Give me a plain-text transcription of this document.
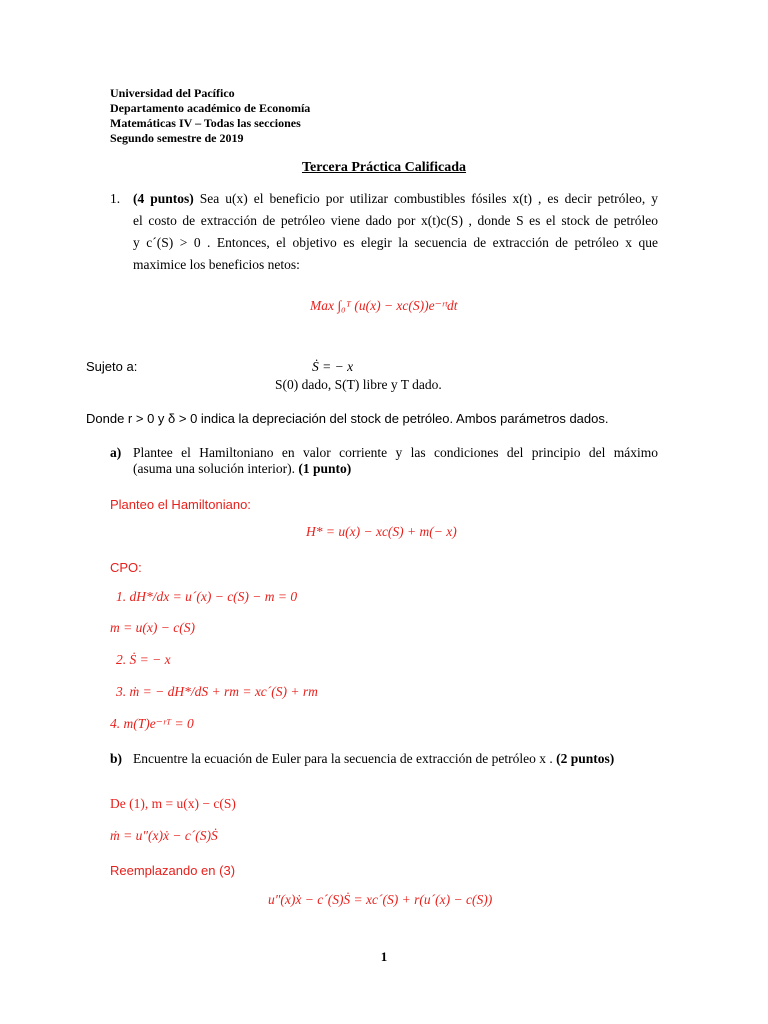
Universidad del Pacífico
Departamento académico de Economía
Matemáticas IV – Todas las secciones
Segundo semestre de 2019
Tercera Práctica Calificada
1. (4 puntos) Sea u(x) el beneficio por utilizar combustibles fósiles x(t) , es decir petróleo, y
el costo de extracción de petróleo viene dado por x(t)c(S) , donde S es el stock de petróleo
y c´(S) > 0 . Entonces, el objetivo es elegir la secuencia de extracción de petróleo x que
maximice los beneficios netos:
Max ∫₀ᵀ (u(x) − xc(S))e⁻ʳᵗdt
Sujeto a:	Ṡ = − x
S(0) dado, S(T) libre y T dado.
Donde r > 0 y δ > 0 indica la depreciación del stock de petróleo. Ambos parámetros dados.
a) Plantee el Hamiltoniano en valor corriente y las condiciones del principio del máximo
(asuma una solución interior). (1 punto)
Planteo el Hamiltoniano:
H* = u(x) − xc(S) + m(− x)
CPO:
1. dH*/dx = u´(x) − c(S) − m = 0
m = u(x) − c(S)
2. Ṡ = − x
3. ṁ = − dH*/dS + rm = xc´(S) + rm
4. m(T)e⁻ʳᵀ = 0
b) Encuentre la ecuación de Euler para la secuencia de extracción de petróleo x . (2 puntos)
De (1), m = u(x) − c(S)
ṁ = u″(x)ẋ − c´(S)Ṡ
Reemplazando en (3)
u″(x)ẋ − c´(S)Ṡ = xc´(S) + r(u´(x) − c(S))
1
